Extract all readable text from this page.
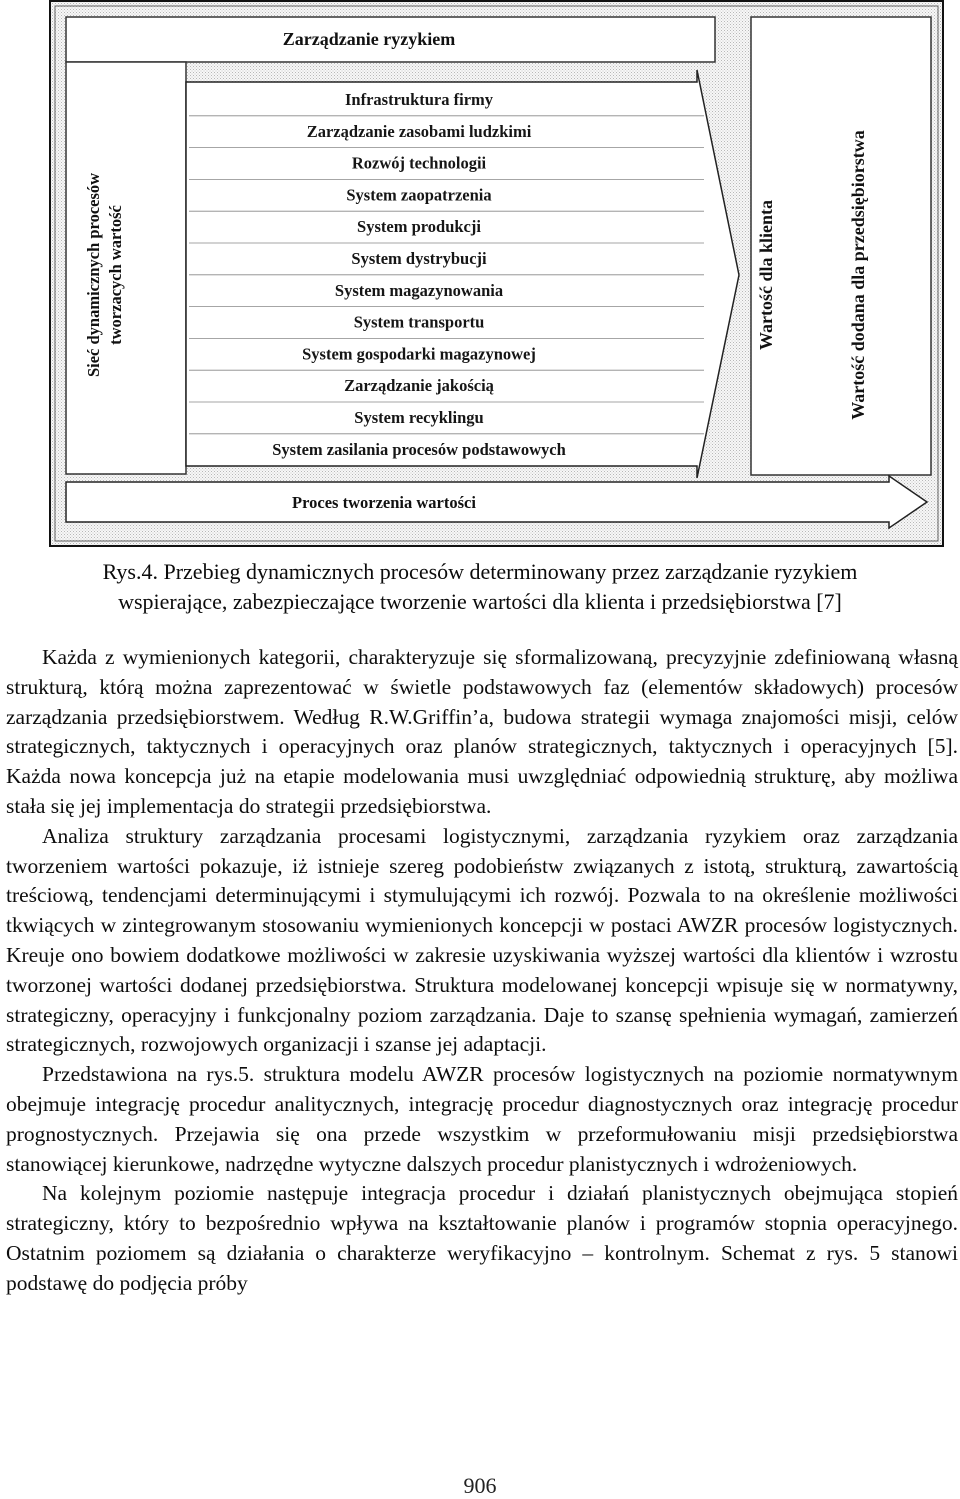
Zarządzanie ryzykiem
Sieć dynamicznych procesów tworzacych wartość	Wartość dla klienta	Wartość dodana dla przedsiębiorstwa
Infrastruktura firmy
Zarządzanie zasobami ludzkimi
Rozwój technologii
System zaopatrzenia
System produkcji
System dystrybucji
System magazynowania
System transportu
System gospodarki magazynowej
Zarządzanie jakością
System recyklingu
System zasilania procesów podstawowych
Proces tworzenia wartości
Rys.4. Przebieg dynamicznych procesów determinowany przez zarządzanie ryzykiem
wspierające, zabezpieczające tworzenie wartości dla klienta i przedsiębiorstwa [7]

Każda z wymienionych kategorii, charakteryzuje się sformalizowaną, precyzyjnie zdefiniowaną własną strukturą, którą można zaprezentować w świetle podstawowych faz (elementów składowych) procesów zarządzania przedsiębiorstwem. Według R.W.Griffin’a, budowa strategii wymaga znajomości misji, celów strategicznych, taktycznych i operacyjnych oraz planów strategicznych, taktycznych i operacyjnych [5]. Każda nowa koncepcja już na etapie modelowania musi uwzględniać odpowiednią strukturę, aby możliwa stała się jej implementacja do strategii przedsiębiorstwa.

Analiza struktury zarządzania procesami logistycznymi, zarządzania ryzykiem oraz zarządzania tworzeniem wartości pokazuje, iż istnieje szereg podobieństw związanych z istotą, strukturą, zawartością treściową, tendencjami determinującymi i stymulującymi ich rozwój. Pozwala to na określenie możliwości tkwiących w zintegrowanym stosowaniu wymienionych koncepcji w postaci AWZR procesów logistycznych. Kreuje ono bowiem dodatkowe możliwości w zakresie uzyskiwania wyższej wartości dla klientów i wzrostu tworzonej wartości dodanej przedsiębiorstwa. Struktura modelowanej koncepcji wpisuje się w normatywny, strategiczny, operacyjny i funkcjonalny poziom zarządzania. Daje to szansę spełnienia wymagań, zamierzeń strategicznych, rozwojowych organizacji i szanse jej adaptacji.

Przedstawiona na rys.5. struktura modelu AWZR procesów logistycznych na poziomie normatywnym obejmuje integrację procedur analitycznych, integrację procedur diagnostycznych oraz integrację procedur prognostycznych. Przejawia się ona przede wszystkim w przeformułowaniu misji przedsiębiorstwa stanowiącej kierunkowe, nadrzędne wytyczne dalszych procedur planistycznych i wdrożeniowych.

Na kolejnym poziomie następuje integracja procedur i działań planistycznych obejmująca stopień strategiczny, który to bezpośrednio wpływa na kształtowanie planów i programów stopnia operacyjnego. Ostatnim poziomem są działania o charakterze weryfikacyjno – kontrolnym. Schemat z rys. 5 stanowi podstawę do podjęcia próby

906
